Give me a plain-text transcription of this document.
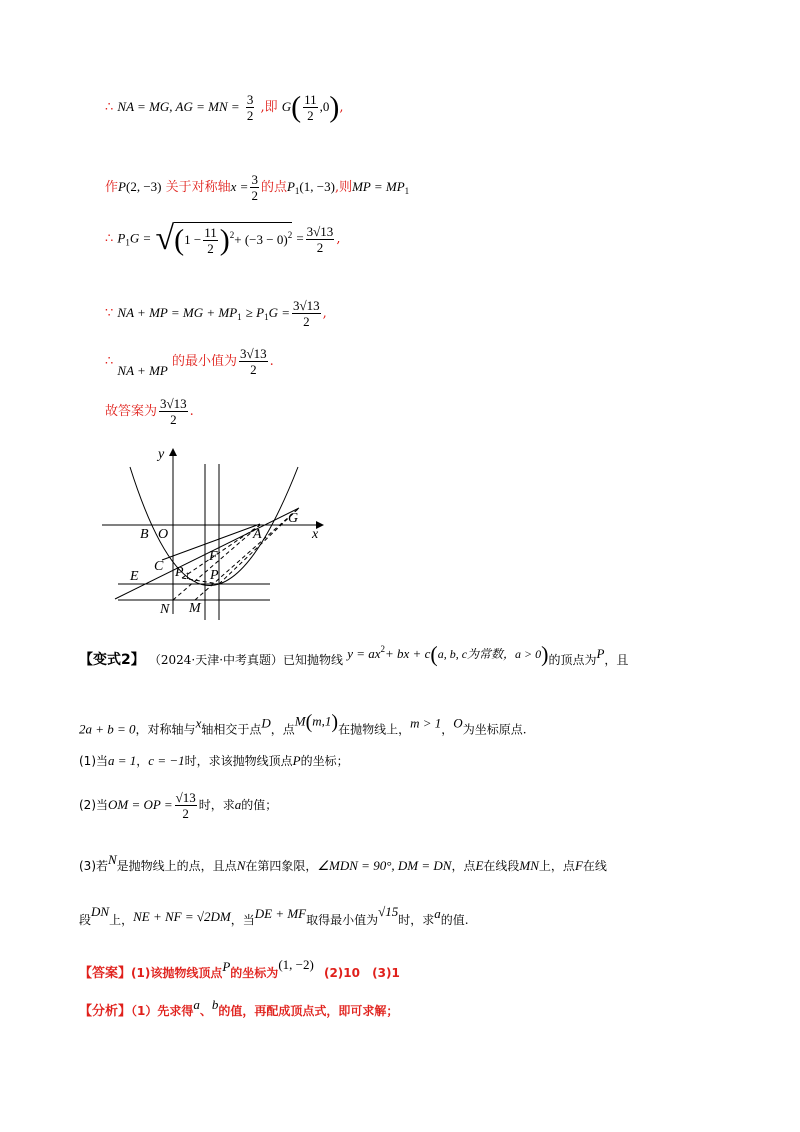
∴ NA = MG, AG = MN = $\frac{3}{2}$ ,即 $G( \frac{11}{2} ,0)$,
作P(2, −3) 关于对称轴$x = \frac{3}{2}$ 的点$P_1(1$, −3),则MP = $MP_1$
∴ $P_1G = √(1 - \frac{11}{2} )^2+ (-3 - 0)^2 = \frac{3√13}{2}$ ,
∵ NA + MP = MG + $MP_1 \ge P_1G = \frac{3√13}{2}$ ,
∴ NA + MP 的最小值为 $\frac{3√13}{2}$ .
故答案为 $\frac{3√13}{2}$ .
y
x
B O	A
G
F
C
E	P 1 P
N M
【变式2】 （2024·天津·中考真题）已知抛物线 $y = ax^2+$ bx + c(a, b, c为常数，a > 0)的顶点为P，且
2a + b = 0，对称轴与x轴相交于点D，点M(m,1)在抛物线上，m > 1，O为坐标原点.
(1)当a = 1，c = −1时，求该抛物线顶点P的坐标；
(2)当OM = OP = $\frac{√13}{2}$ 时，求a的值；
(3)若N是抛物线上的点，且点N在第四象限，∠MDN = 90°, DM = DN，点E在线段MN上，点F在线
段DN上，NE + NF = √2DM，当DE + MF取得最小值为√15时，求a的值.
【答案】(1)该抛物线顶点P的坐标为(1, −2) (2)10 (3)1
【分析】（1）先求得a、b的值，再配成顶点式，即可求解；
